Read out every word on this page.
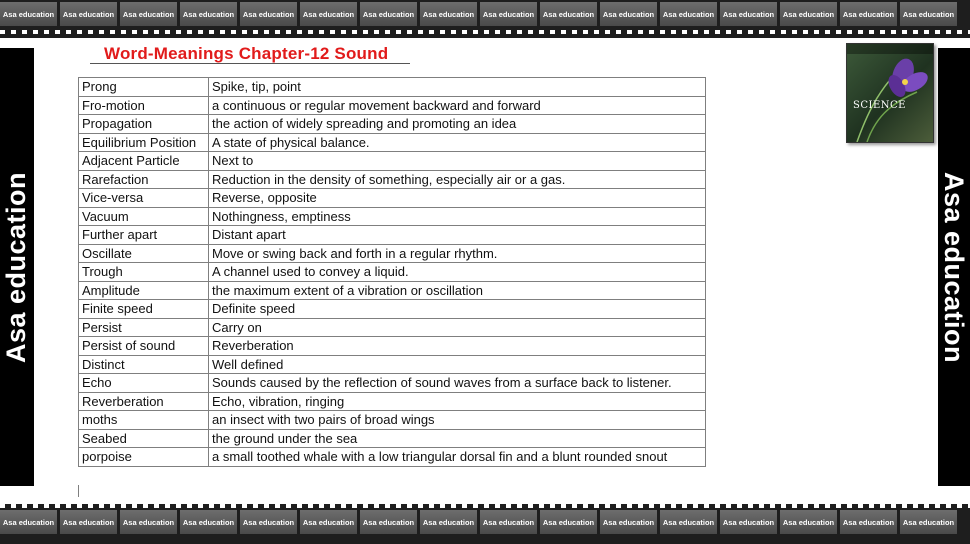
Asa education	Asa education	Asa education	Asa education	Asa education	Asa education	Asa education	Asa education	Asa education	Asa education	Asa education	Asa education	Asa education	Asa education	Asa education	Asa education
Asa education	Asa education
Word-Meanings Chapter-12 Sound
Prong	Spike, tip, point
Fro-motion	a continuous or regular movement backward and forward
Propagation	the action of widely spreading and promoting an idea
Equilibrium Position	A state of physical balance.
Adjacent Particle	Next to
Rarefaction	Reduction in the density of something, especially air or a gas.
Vice-versa	Reverse, opposite
Vacuum	Nothingness, emptiness
Further apart	Distant apart
Oscillate	Move or swing back and forth in a regular rhythm.
Trough	A channel used to convey a liquid.
Amplitude	the maximum extent of a vibration or oscillation
Finite speed	Definite speed
Persist	Carry on
Persist of sound	Reverberation
Distinct	Well defined
Echo	Sounds caused by the reflection of sound waves from a surface back to listener.
Reverberation	Echo, vibration, ringing
moths	an insect with two pairs of broad wings
Seabed	the ground under the sea
porpoise	a small toothed whale with a low triangular dorsal fin and a blunt rounded snout
SCIENCE
Asa education	Asa education	Asa education	Asa education	Asa education	Asa education	Asa education	Asa education	Asa education	Asa education	Asa education	Asa education	Asa education	Asa education	Asa education	Asa education
